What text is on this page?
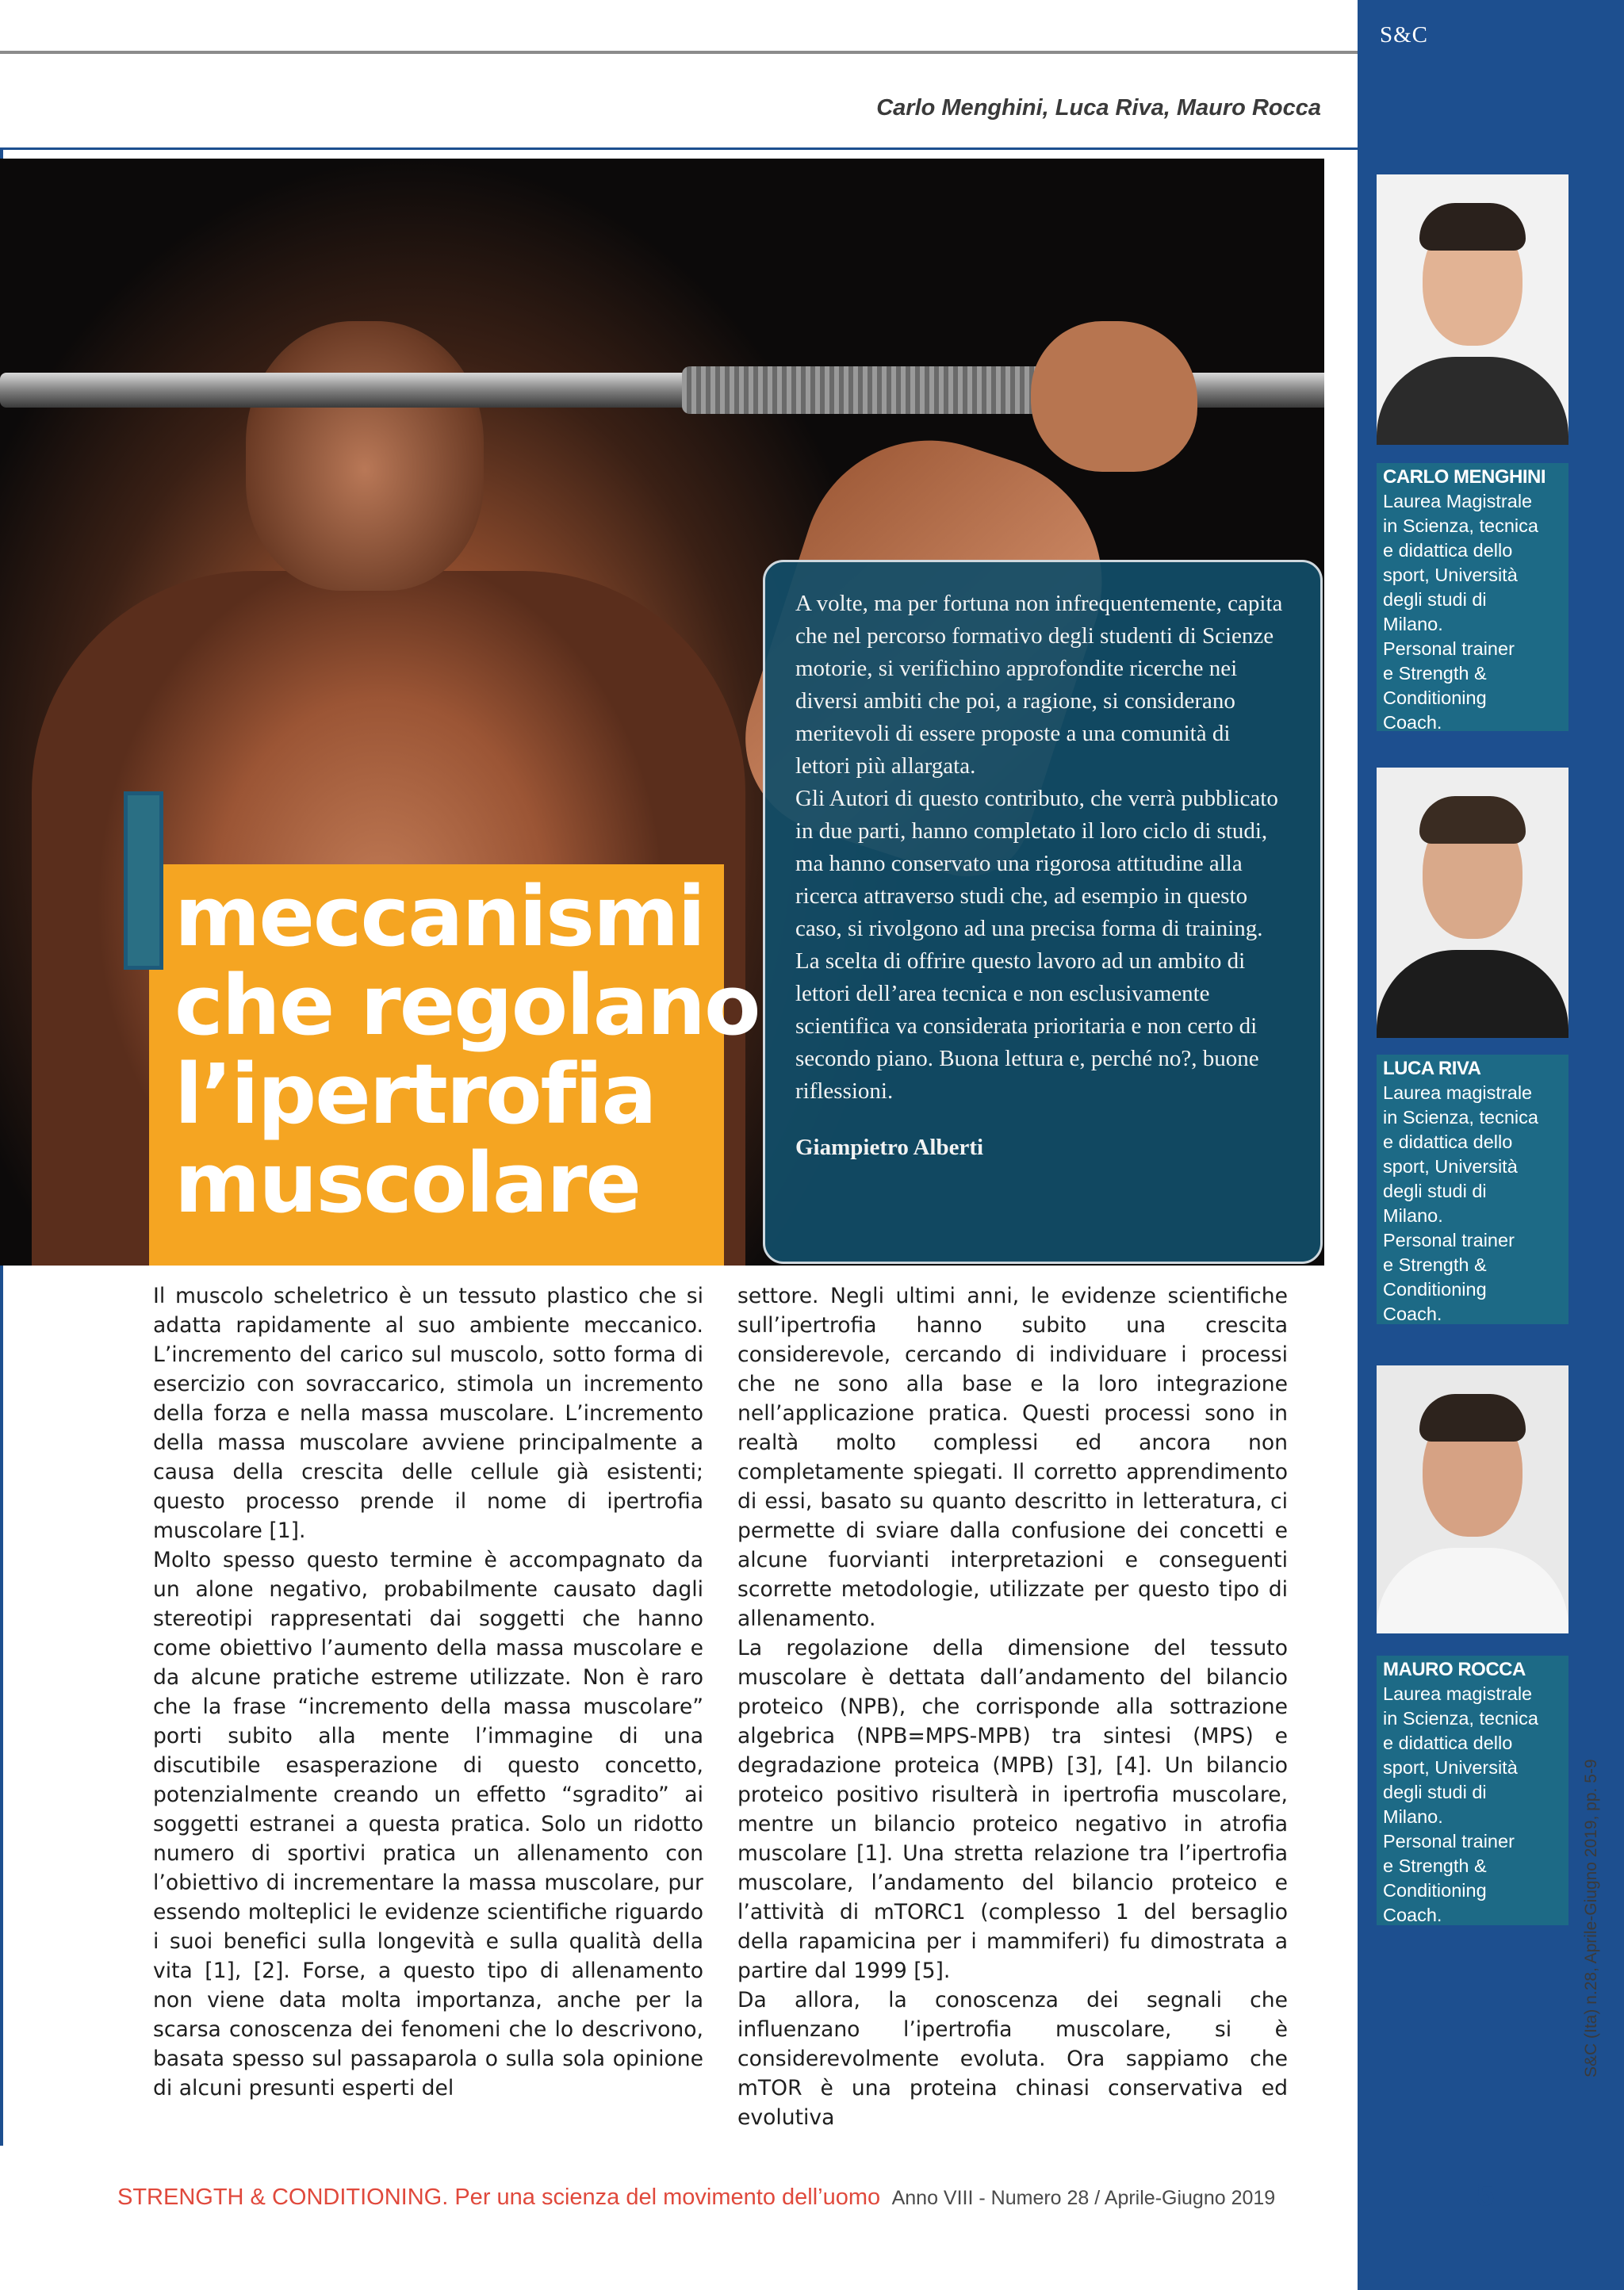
S&C
Carlo Menghini, Luca Riva, Mauro Rocca
meccanismi
che regolano
l’ipertrofia
muscolare

A volte, ma per fortuna non infrequentemente, capita che nel percorso formativo degli studenti di Scienze motorie, si verifichino approfondite ricerche nei diversi ambiti che poi, a ragione, si considerano meritevoli di essere proposte a una comunità di lettori più allargata.

Gli Autori di questo contributo, che verrà pubblicato in due parti, hanno completato il loro ciclo di studi, ma hanno conservato una rigorosa attitudine alla ricerca attraverso studi che, ad esempio in questo caso, si rivolgono ad una precisa forma di training.

La scelta di offrire questo lavoro ad un ambito di lettori dell’area tecnica e non esclusivamente scientifica va considerata prioritaria e non certo di secondo piano. Buona lettura e, perché no?, buone riflessioni.

Giampietro Alberti

Il muscolo scheletrico è un tessuto plastico che si adatta rapidamente al suo ambiente meccanico. L’incremento del carico sul muscolo, sotto forma di esercizio con sovraccarico, stimola un incremento della forza e nella massa muscolare. L’incremento della massa muscolare avviene principalmente a causa della crescita delle cellule già esistenti; questo processo prende il nome di ipertrofia muscolare [1].

Molto spesso questo termine è accompagnato da un alone negativo, probabilmente causato dagli stereotipi rappresentati dai soggetti che hanno come obiettivo l’aumento della massa muscolare e da alcune pratiche estreme utilizzate. Non è raro che la frase “incremento della massa muscolare” porti subito alla mente l’immagine di una discutibile esasperazione di questo concetto, potenzialmente creando un effetto “sgradito” ai soggetti estranei a questa pratica. Solo un ridotto numero di sportivi pratica un allenamento con l’obiettivo di incrementare la massa muscolare, pur essendo molteplici le evidenze scientifiche riguardo i suoi benefici sulla longevità e sulla qualità della vita [1], [2]. Forse, a questo tipo di allenamento non viene data molta importanza, anche per la scarsa conoscenza dei fenomeni che lo descrivono, basata spesso sul passaparola o sulla sola opinione di alcuni presunti esperti del

settore. Negli ultimi anni, le evidenze scientifiche sull’ipertrofia hanno subito una crescita considerevole, cercando di individuare i processi che ne sono alla base e la loro integrazione nell’applicazione pratica. Questi processi sono in realtà molto complessi ed ancora non completamente spiegati. Il corretto apprendimento di essi, basato su quanto descritto in letteratura, ci permette di sviare dalla confusione dei concetti e alcune fuorvianti interpretazioni e conseguenti scorrette metodologie, utilizzate per questo tipo di allenamento.

La regolazione della dimensione del tessuto muscolare è dettata dall’andamento del bilancio proteico (NPB), che corrisponde alla sottrazione algebrica (NPB=MPS-MPB) tra sintesi (MPS) e degradazione proteica (MPB) [3], [4]. Un bilancio proteico positivo risulterà in ipertrofia muscolare, mentre un bilancio proteico negativo in atrofia muscolare [1]. Una stretta relazione tra l’ipertrofia muscolare, l’andamento del bilancio proteico e l’attività di mTORC1 (complesso 1 del bersaglio della rapamicina per i mammiferi) fu dimostrata a partire dal 1999 [5].

Da allora, la conoscenza dei segnali che influenzano l’ipertrofia muscolare, si è considerevolmente evoluta. Ora sappiamo che mTOR è una proteina chinasi conservativa ed evolutiva

CARLO MENGHINI
Laurea Magistrale
in Scienza, tecnica
e didattica dello
sport, Università
degli studi di
Milano.
Personal trainer
e Strength &
Conditioning
Coach.
LUCA RIVA
Laurea magistrale
in Scienza, tecnica
e didattica dello
sport, Università
degli studi di
Milano.
Personal trainer
e Strength &
Conditioning
Coach.
MAURO ROCCA
Laurea magistrale
in Scienza, tecnica
e didattica dello
sport, Università
degli studi di
Milano.
Personal trainer
e Strength &
Conditioning
Coach.	S&C (Ita) n.28, Aprile-Giugno 2019, pp. 5-9
STRENGTH & CONDITIONING. Per una scienza del movimento dell’uomo Anno VIII - Numero 28 / Aprile-Giugno 2019	5
